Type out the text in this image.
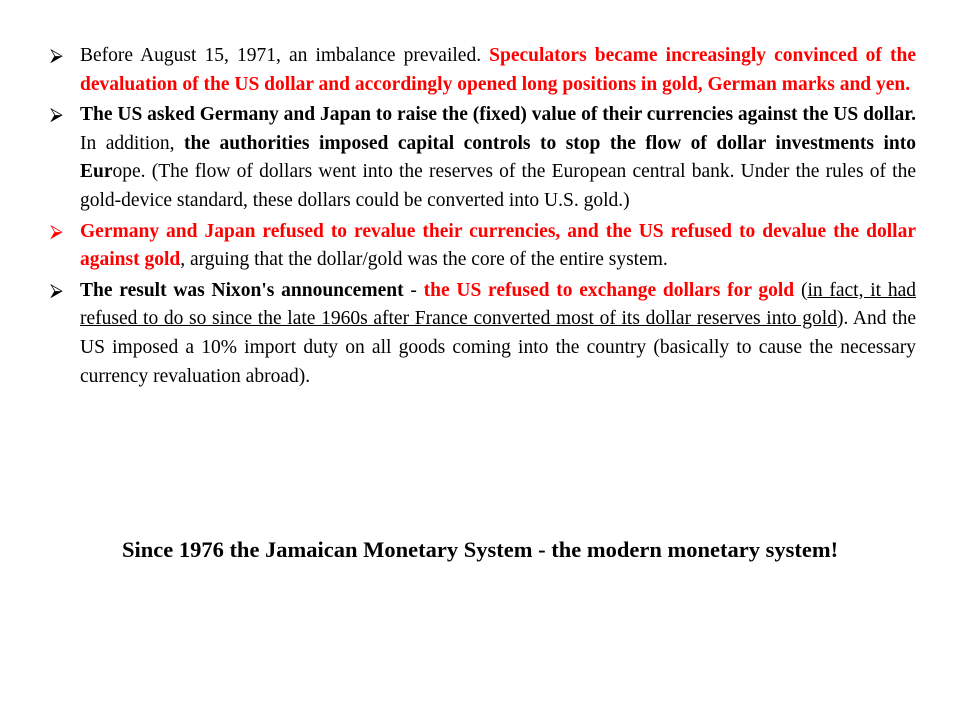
⮚ Before August 15, 1971, an imbalance prevailed. Speculators became increasingly convinced of the devaluation of the US dollar and accordingly opened long positions in gold, German marks and yen.
⮚ The US asked Germany and Japan to raise the (fixed) value of their currencies against the US dollar. In addition, the authorities imposed capital controls to stop the flow of dollar investments into Europe. (The flow of dollars went into the reserves of the European central bank. Under the rules of the gold-device standard, these dollars could be converted into U.S. gold.)
⮚ Germany and Japan refused to revalue their currencies, and the US refused to devalue the dollar against gold, arguing that the dollar/gold was the core of the entire system.
⮚ The result was Nixon's announcement - the US refused to exchange dollars for gold (in fact, it had refused to do so since the late 1960s after France converted most of its dollar reserves into gold). And the US imposed a 10% import duty on all goods coming into the country (basically to cause the necessary currency revaluation abroad).

Since 1976 the Jamaican Monetary System - the modern monetary system!
